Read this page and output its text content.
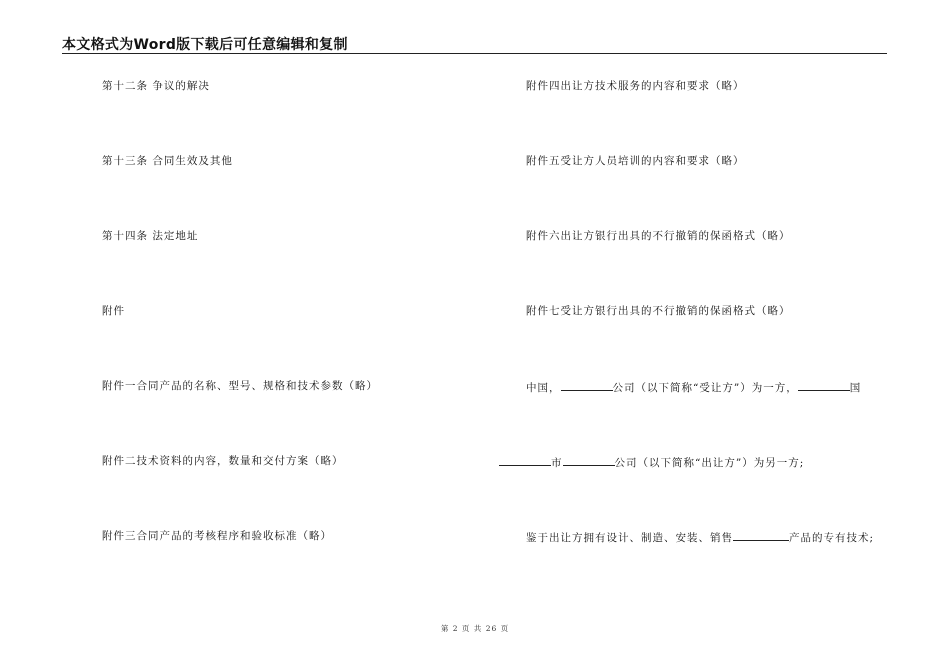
本文格式为Word版下载后可任意编辑和复制
第十二条 争议的解决
第十三条 合同生效及其他
第十四条 法定地址
附件
附件一合同产品的名称、型号、规格和技术参数（略）
附件二技术资料的内容，数量和交付方案（略）
附件三合同产品的考核程序和验收标准（略）
附件四出让方技术服务的内容和要求（略）
附件五受让方人员培训的内容和要求（略）
附件六出让方银行出具的不行撤销的保函格式（略）
附件七受让方银行出具的不行撤销的保函格式（略）
中国，	公司（以下简称“受让方”）为一方，	国
市	公司（以下简称“出让方”）为另一方;
鉴于出让方拥有设计、制造、安装、销售	产品的专有技术;
第 2 页 共 26 页
